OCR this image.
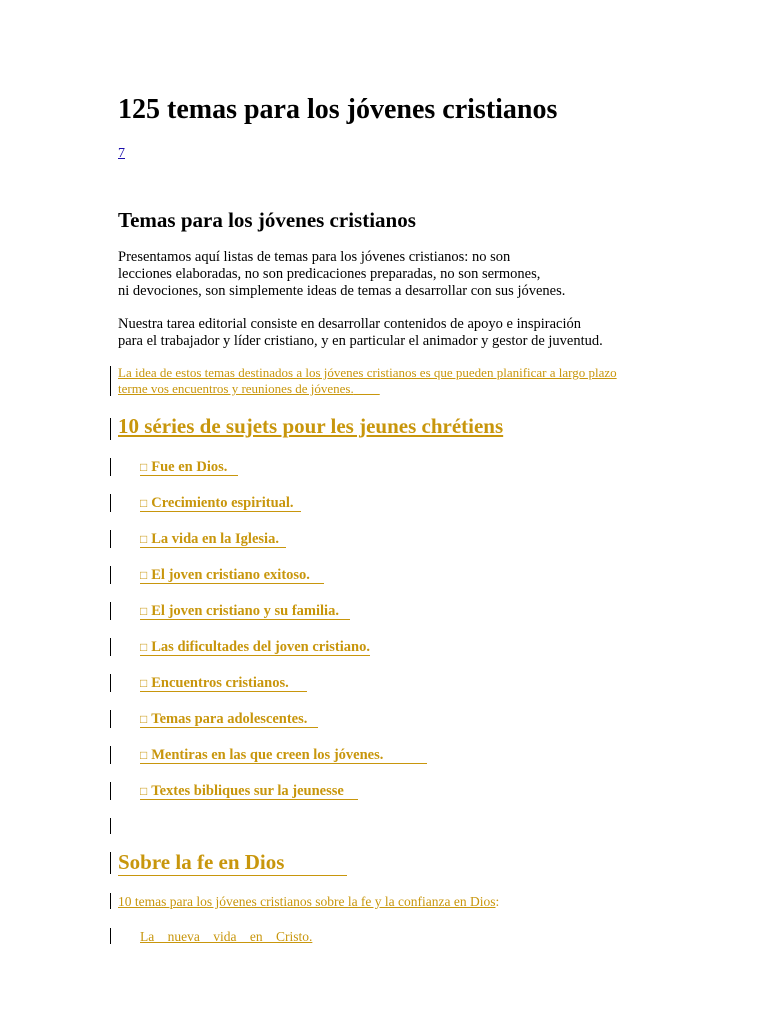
125 temas para los jóvenes cristianos
7
Temas para los jóvenes cristianos
Presentamos aquí listas de temas para los jóvenes cristianos: no son
lecciones elaboradas, no son predicaciones preparadas, no son sermones,
ni devociones, son simplemente ideas de temas a desarrollar con sus jóvenes.
Nuestra tarea editorial consiste en desarrollar contenidos de apoyo e inspiración
para el trabajador y líder cristiano, y en particular el animador y gestor de juventud.
La idea de estos temas destinados a los jóvenes cristianos es que pueden planificar a largo plazo
terme vos encuentros y reuniones de jóvenes.
10 séries de sujets pour les jeunes chrétiens
□ Fue en Dios.
□ Crecimiento espiritual.
□ La vida en la Iglesia.
□ El joven cristiano exitoso.
□ El joven cristiano y su familia.
□ Las dificultades del joven cristiano.
□ Encuentros cristianos.
□ Temas para adolescentes.
□ Mentiras en las que creen los jóvenes.
□ Textes bibliques sur la jeunesse
Sobre la fe en Dios
10 temas para los jóvenes cristianos sobre la fe y la confianza en Dios:
La nueva vida en Cristo.
